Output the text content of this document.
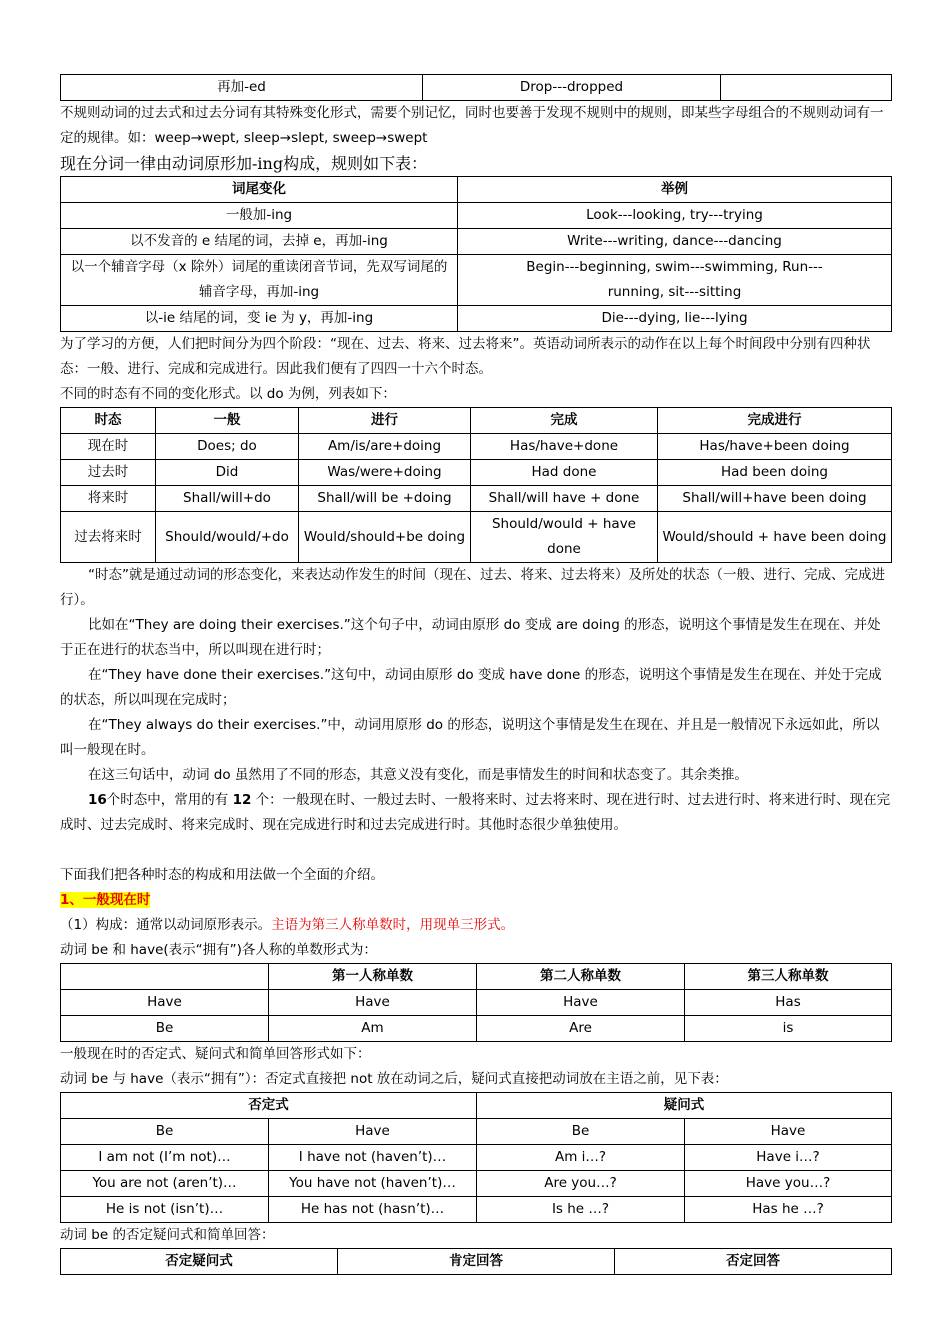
再加-ed	Drop---dropped	

不规则动词的过去式和过去分词有其特殊变化形式，需要个别记忆，同时也要善于发现不规则中的规则，即某些字母组合的不规则动词有一定的规律。如：weep→wept, sleep→slept, sweep→swept

现在分词一律由动词原形加-ing构成，规则如下表：

词尾变化	举例
一般加-ing	Look---looking, try---trying
以不发音的 e 结尾的词，去掉 e，再加-ing	Write---writing, dance---dancing
以一个辅音字母（x 除外）词尾的重读闭音节词，先双写词尾的辅音字母，再加-ing	Begin---beginning, swim---swimming, Run---running, sit---sitting
以-ie 结尾的词，变 ie 为 y，再加-ing	Die---dying, lie---lying

为了学习的方便，人们把时间分为四个阶段：“现在、过去、将来、过去将来”。英语动词所表示的动作在以上每个时间段中分别有四种状态：一般、进行、完成和完成进行。因此我们便有了四四一十六个时态。

不同的时态有不同的变化形式。以 do 为例，列表如下：

时态	一般	进行	完成	完成进行
现在时	Does; do	Am/is/are+doing	Has/have+done	Has/have+been doing
过去时	Did	Was/were+doing	Had done	Had been doing
将来时	Shall/will+do	Shall/will be +doing	Shall/will have + done	Shall/will+have been doing
过去将来时	Should/would/+do	Would/should+be doing	Should/would + have done	Would/should + have been doing

“时态”就是通过动词的形态变化，来表达动作发生的时间（现在、过去、将来、过去将来）及所处的状态（一般、进行、完成、完成进行）。

比如在“They are doing their exercises.”这个句子中，动词由原形 do 变成 are doing 的形态，说明这个事情是发生在现在、并处于正在进行的状态当中，所以叫现在进行时；

在“They have done their exercises.”这句中，动词由原形 do 变成 have done 的形态，说明这个事情是发生在现在、并处于完成的状态，所以叫现在完成时；

在“They always do their exercises.”中，动词用原形 do 的形态，说明这个事情是发生在现在、并且是一般情况下永远如此，所以叫一般现在时。

在这三句话中，动词 do 虽然用了不同的形态，其意义没有变化，而是事情发生的时间和状态变了。其余类推。

16个时态中，常用的有 12 个：一般现在时、一般过去时、一般将来时、过去将来时、现在进行时、过去进行时、将来进行时、现在完成时、过去完成时、将来完成时、现在完成进行时和过去完成进行时。其他时态很少单独使用。

下面我们把各种时态的构成和用法做一个全面的介绍。

1、一般现在时

（1）构成：通常以动词原形表示。主语为第三人称单数时，用现单三形式。

动词 be 和 have(表示“拥有”)各人称的单数形式为：

	第一人称单数	第二人称单数	第三人称单数
Have	Have	Have	Has
Be	Am	Are	is

一般现在时的否定式、疑问式和简单回答形式如下：

动词 be 与 have（表示“拥有”）：否定式直接把 not 放在动词之后，疑问式直接把动词放在主语之前，见下表：

否定式		疑问式	
Be	Have	Be	Have
I am not (I’m not)…	I have not (haven’t)…	Am i…?	Have i…?
You are not (aren’t)…	You have not (haven’t)…	Are you…?	Have you…?
He is not (isn’t)…	He has not (hasn’t)…	Is he …?	Has he …?

动词 be 的否定疑问式和简单回答：

否定疑问式	肯定回答	否定回答
